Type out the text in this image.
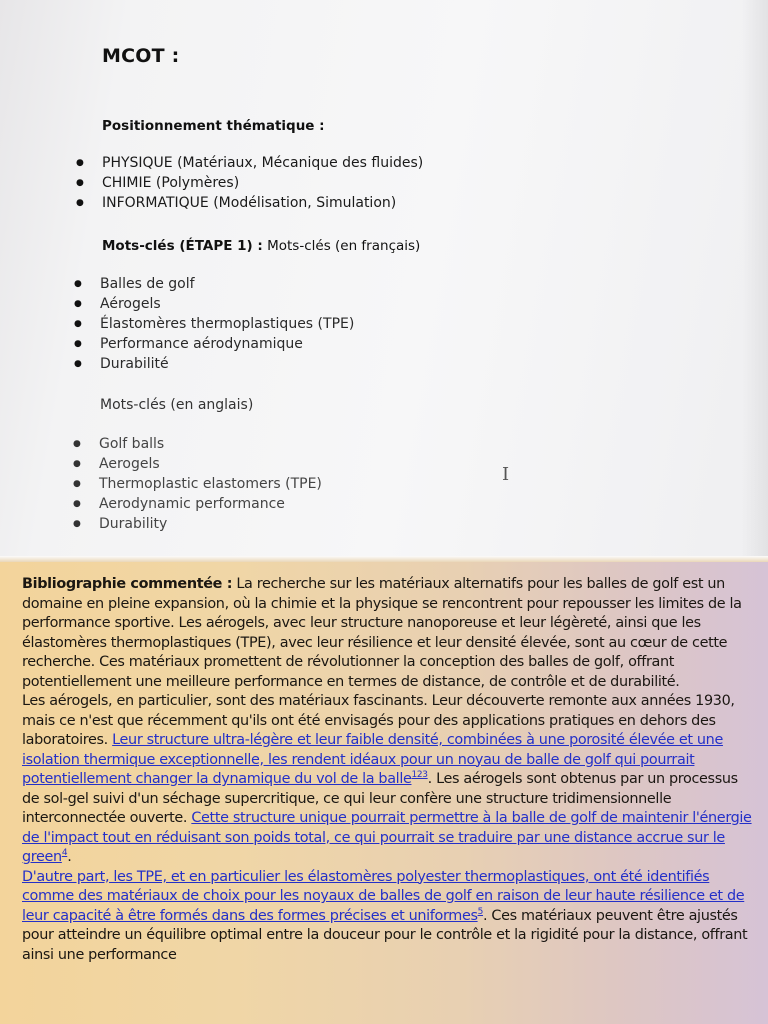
MCOT :
Positionnement thématique :
● PHYSIQUE (Matériaux, Mécanique des fluides)
● CHIMIE (Polymères)
● INFORMATIQUE (Modélisation, Simulation)
Mots-clés (ÉTAPE 1) : Mots-clés (en français)
● Balles de golf
● Aérogels
● Élastomères thermoplastiques (TPE)
● Performance aérodynamique
● Durabilité
Mots-clés (en anglais)
● Golf balls
● Aerogels
● Thermoplastic elastomers (TPE)
● Aerodynamic performance
● Durability
I

Bibliographie commentée : La recherche sur les matériaux alternatifs pour les balles de golf est un domaine en pleine expansion, où la chimie et la physique se rencontrent pour repousser les limites de la performance sportive. Les aérogels, avec leur structure nanoporeuse et leur légèreté, ainsi que les élastomères thermoplastiques (TPE), avec leur résilience et leur densité élevée, sont au cœur de cette recherche. Ces matériaux promettent de révolutionner la conception des balles de golf, offrant potentiellement une meilleure performance en termes de distance, de contrôle et de durabilité.

Les aérogels, en particulier, sont des matériaux fascinants. Leur découverte remonte aux années 1930, mais ce n'est que récemment qu'ils ont été envisagés pour des applications pratiques en dehors des laboratoires. Leur structure ultra-légère et leur faible densité, combinées à une porosité élevée et une isolation thermique exceptionnelle, les rendent idéaux pour un noyau de balle de golf qui pourrait potentiellement changer la dynamique du vol de la balle$^{123}$. Les aérogels sont obtenus par un processus de sol-gel suivi d'un séchage supercritique, ce qui leur confère une structure tridimensionnelle interconnectée ouverte. Cette structure unique pourrait permettre à la balle de golf de maintenir l'énergie de l'impact tout en réduisant son poids total, ce qui pourrait se traduire par une distance accrue sur le green$^4$.

D'autre part, les TPE, et en particulier les élastomères polyester thermoplastiques, ont été identifiés comme des matériaux de choix pour les noyaux de balles de golf en raison de leur haute résilience et de leur capacité à être formés dans des formes précises et uniformes$^5$. Ces matériaux peuvent être ajustés pour atteindre un équilibre optimal entre la douceur pour le contrôle et la rigidité pour la distance, offrant ainsi une performance
